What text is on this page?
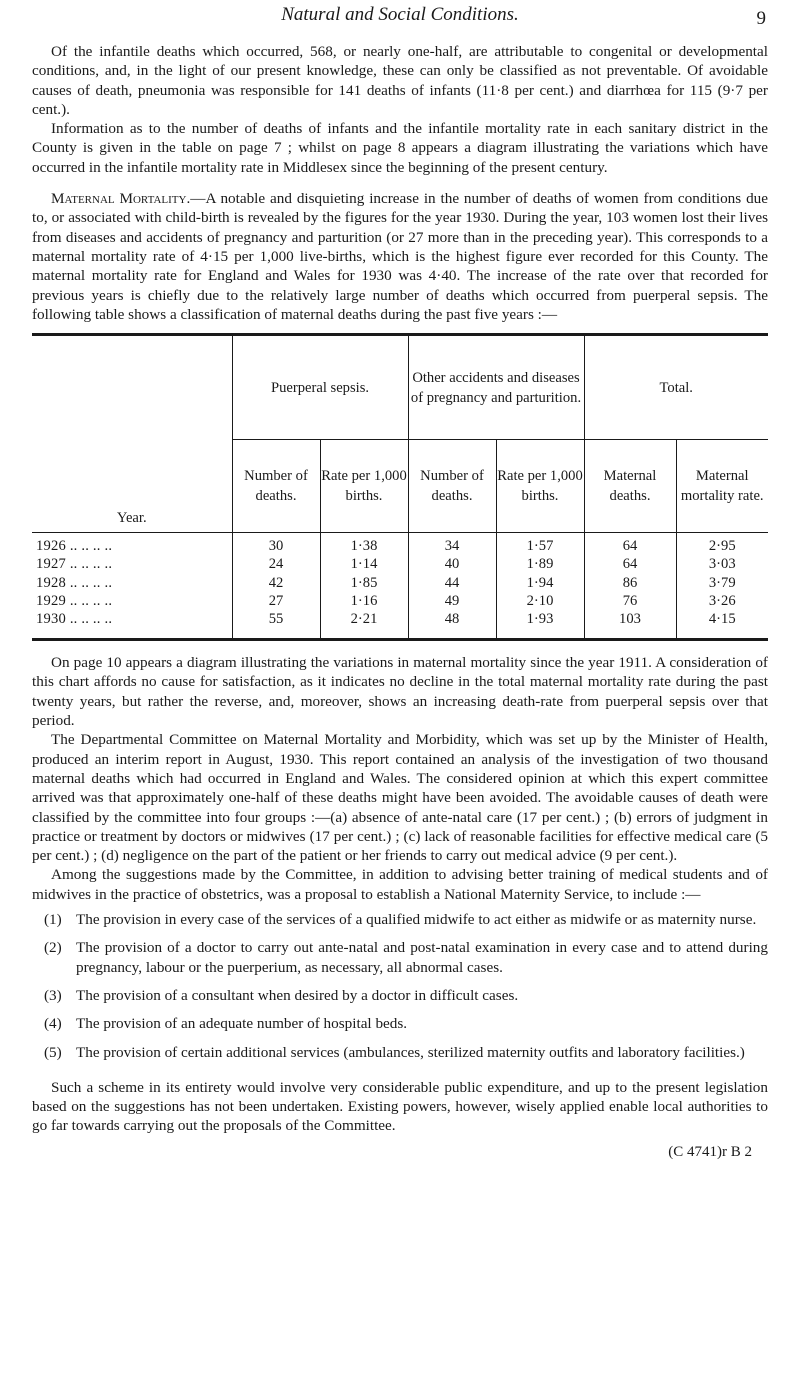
Natural and Social Conditions.	9

Of the infantile deaths which occurred, 568, or nearly one-half, are attributable to congenital or developmental conditions, and, in the light of our present knowledge, these can only be classified as not preventable. Of avoidable causes of death, pneumonia was responsible for 141 deaths of infants (11·8 per cent.) and diarrhœa for 115 (9·7 per cent.).

Information as to the number of deaths of infants and the infantile mortality rate in each sanitary district in the County is given in the table on page 7 ; whilst on page 8 appears a diagram illustrating the variations which have occurred in the infantile mortality rate in Middlesex since the beginning of the present century.

Maternal Mortality.—A notable and disquieting increase in the number of deaths of women from conditions due to, or associated with child-birth is revealed by the figures for the year 1930. During the year, 103 women lost their lives from diseases and accidents of pregnancy and parturition (or 27 more than in the preceding year). This corresponds to a maternal mortality rate of 4·15 per 1,000 live-births, which is the highest figure ever recorded for this County. The maternal mortality rate for England and Wales for 1930 was 4·40. The increase of the rate over that recorded for previous years is chiefly due to the relatively large number of deaths which occurred from puerperal sepsis. The following table shows a classification of maternal deaths during the past five years :—

Year.	Puerperal sepsis.		Other accidents and diseases of pregnancy and parturition.		Total.	
	Number of deaths.	Rate per 1,000 births.	Number of deaths.	Rate per 1,000 births.	Maternal deaths.	Maternal mortality rate.

1926 .. .. .. ..	30	1·38	34	1·57	64	2·95
1927 .. .. .. ..	24	1·14	40	1·89	64	3·03
1928 .. .. .. ..	42	1·85	44	1·94	86	3·79
1929 .. .. .. ..	27	1·16	49	2·10	76	3·26
1930 .. .. .. ..	55	2·21	48	1·93	103	4·15

On page 10 appears a diagram illustrating the variations in maternal mortality since the year 1911. A consideration of this chart affords no cause for satisfaction, as it indicates no decline in the total maternal mortality rate during the past twenty years, but rather the reverse, and, moreover, shows an increasing death-rate from puerperal sepsis over that period.

The Departmental Committee on Maternal Mortality and Morbidity, which was set up by the Minister of Health, produced an interim report in August, 1930. This report contained an analysis of the investigation of two thousand maternal deaths which had occurred in England and Wales. The considered opinion at which this expert committee arrived was that approximately one-half of these deaths might have been avoided. The avoidable causes of death were classified by the committee into four groups :—(a) absence of ante-natal care (17 per cent.) ; (b) errors of judgment in practice or treatment by doctors or midwives (17 per cent.) ; (c) lack of reasonable facilities for effective medical care (5 per cent.) ; (d) negligence on the part of the patient or her friends to carry out medical advice (9 per cent.).

Among the suggestions made by the Committee, in addition to advising better training of medical students and of midwives in the practice of obstetrics, was a proposal to establish a National Maternity Service, to include :—

(1) The provision in every case of the services of a qualified midwife to act either as midwife or as maternity nurse.

(2) The provision of a doctor to carry out ante-natal and post-natal examination in every case and to attend during pregnancy, labour or the puerperium, as necessary, all abnormal cases.

(3) The provision of a consultant when desired by a doctor in difficult cases.

(4) The provision of an adequate number of hospital beds.

(5) The provision of certain additional services (ambulances, sterilized maternity outfits and laboratory facilities.)

Such a scheme in its entirety would involve very considerable public expenditure, and up to the present legislation based on the suggestions has not been undertaken. Existing powers, however, wisely applied enable local authorities to go far towards carrying out the proposals of the Committee.

(C 4741)r B 2
